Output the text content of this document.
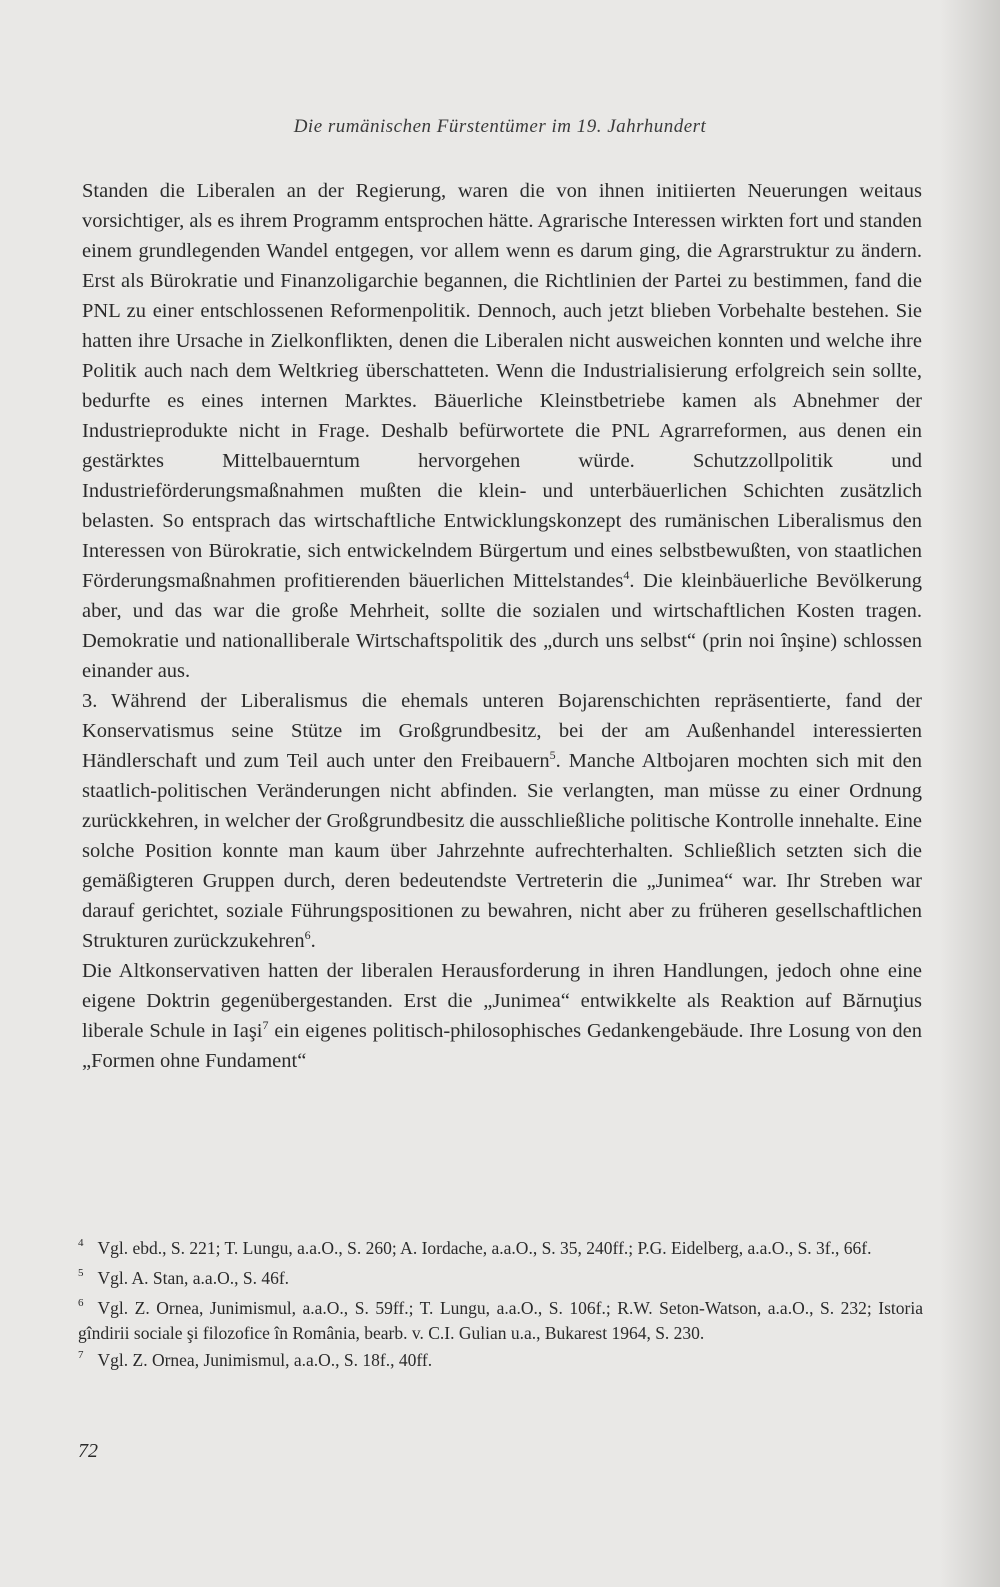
Die rumänischen Fürstentümer im 19. Jahrhundert

Standen die Liberalen an der Regierung, waren die von ihnen initiierten Neuerungen weitaus vorsichtiger, als es ihrem Programm entsprochen hätte. Agrarische Interessen wirkten fort und standen einem grundlegenden Wandel entgegen, vor allem wenn es darum ging, die Agrarstruktur zu ändern. Erst als Bürokratie und Finanzoligarchie begannen, die Richtlinien der Partei zu bestimmen, fand die PNL zu einer entschlossenen Reformenpolitik. Dennoch, auch jetzt blieben Vorbehalte bestehen. Sie hatten ihre Ursache in Zielkonflikten, denen die Liberalen nicht ausweichen konnten und welche ihre Politik auch nach dem Weltkrieg überschatteten. Wenn die Industrialisierung erfolgreich sein sollte, bedurfte es eines internen Marktes. Bäuerliche Kleinstbetriebe kamen als Abnehmer der Industrieprodukte nicht in Frage. Deshalb befürwortete die PNL Agrarreformen, aus denen ein gestärktes Mittelbauerntum hervorgehen würde. Schutzzollpolitik und Industrieförderungsmaßnahmen mußten die klein- und unterbäuerlichen Schichten zusätzlich belasten. So entsprach das wirtschaftliche Entwicklungskonzept des rumänischen Liberalismus den Interessen von Bürokratie, sich entwickelndem Bürgertum und eines selbstbewußten, von staatlichen Förderungsmaßnahmen profitierenden bäuerlichen Mittelstandes$^4$. Die kleinbäuerliche Bevölkerung aber, und das war die große Mehrheit, sollte die sozialen und wirtschaftlichen Kosten tragen. Demokratie und nationalliberale Wirtschaftspolitik des „durch uns selbst“ (prin noi înşine) schlossen einander aus.

3. Während der Liberalismus die ehemals unteren Bojarenschichten repräsentierte, fand der Konservatismus seine Stütze im Großgrundbesitz, bei der am Außenhandel interessierten Händlerschaft und zum Teil auch unter den Freibauern$^5$. Manche Altbojaren mochten sich mit den staatlich-politischen Veränderungen nicht abfinden. Sie verlangten, man müsse zu einer Ordnung zurückkehren, in welcher der Großgrundbesitz die ausschließliche politische Kontrolle innehalte. Eine solche Position konnte man kaum über Jahrzehnte aufrechterhalten. Schließlich setzten sich die gemäßigteren Gruppen durch, deren bedeutendste Vertreterin die „Junimea“ war. Ihr Streben war darauf gerichtet, soziale Führungspositionen zu bewahren, nicht aber zu früheren gesellschaftlichen Strukturen zurückzukehren$^6$.

Die Altkonservativen hatten der liberalen Herausforderung in ihren Handlungen, jedoch ohne eine eigene Doktrin gegenübergestanden. Erst die „Junimea“ entwikkelte als Reaktion auf Bărnuţius liberale Schule in Iaşi$^7$ ein eigenes politisch-philosophisches Gedankengebäude. Ihre Losung von den „Formen ohne Fundament“

$^4$ Vgl. ebd., S. 221; T. Lungu, a.a.O., S. 260; A. Iordache, a.a.O., S. 35, 240ff.; P.G. Eidelberg, a.a.O., S. 3f., 66f.

$^5$ Vgl. A. Stan, a.a.O., S. 46f.

$^6$ Vgl. Z. Ornea, Junimismul, a.a.O., S. 59ff.; T. Lungu, a.a.O., S. 106f.; R.W. Seton-Watson, a.a.O., S. 232; Istoria gîndirii sociale şi filozofice în România, bearb. v. C.I. Gulian u.a., Bukarest 1964, S. 230.

$^7$ Vgl. Z. Ornea, Junimismul, a.a.O., S. 18f., 40ff.

72
